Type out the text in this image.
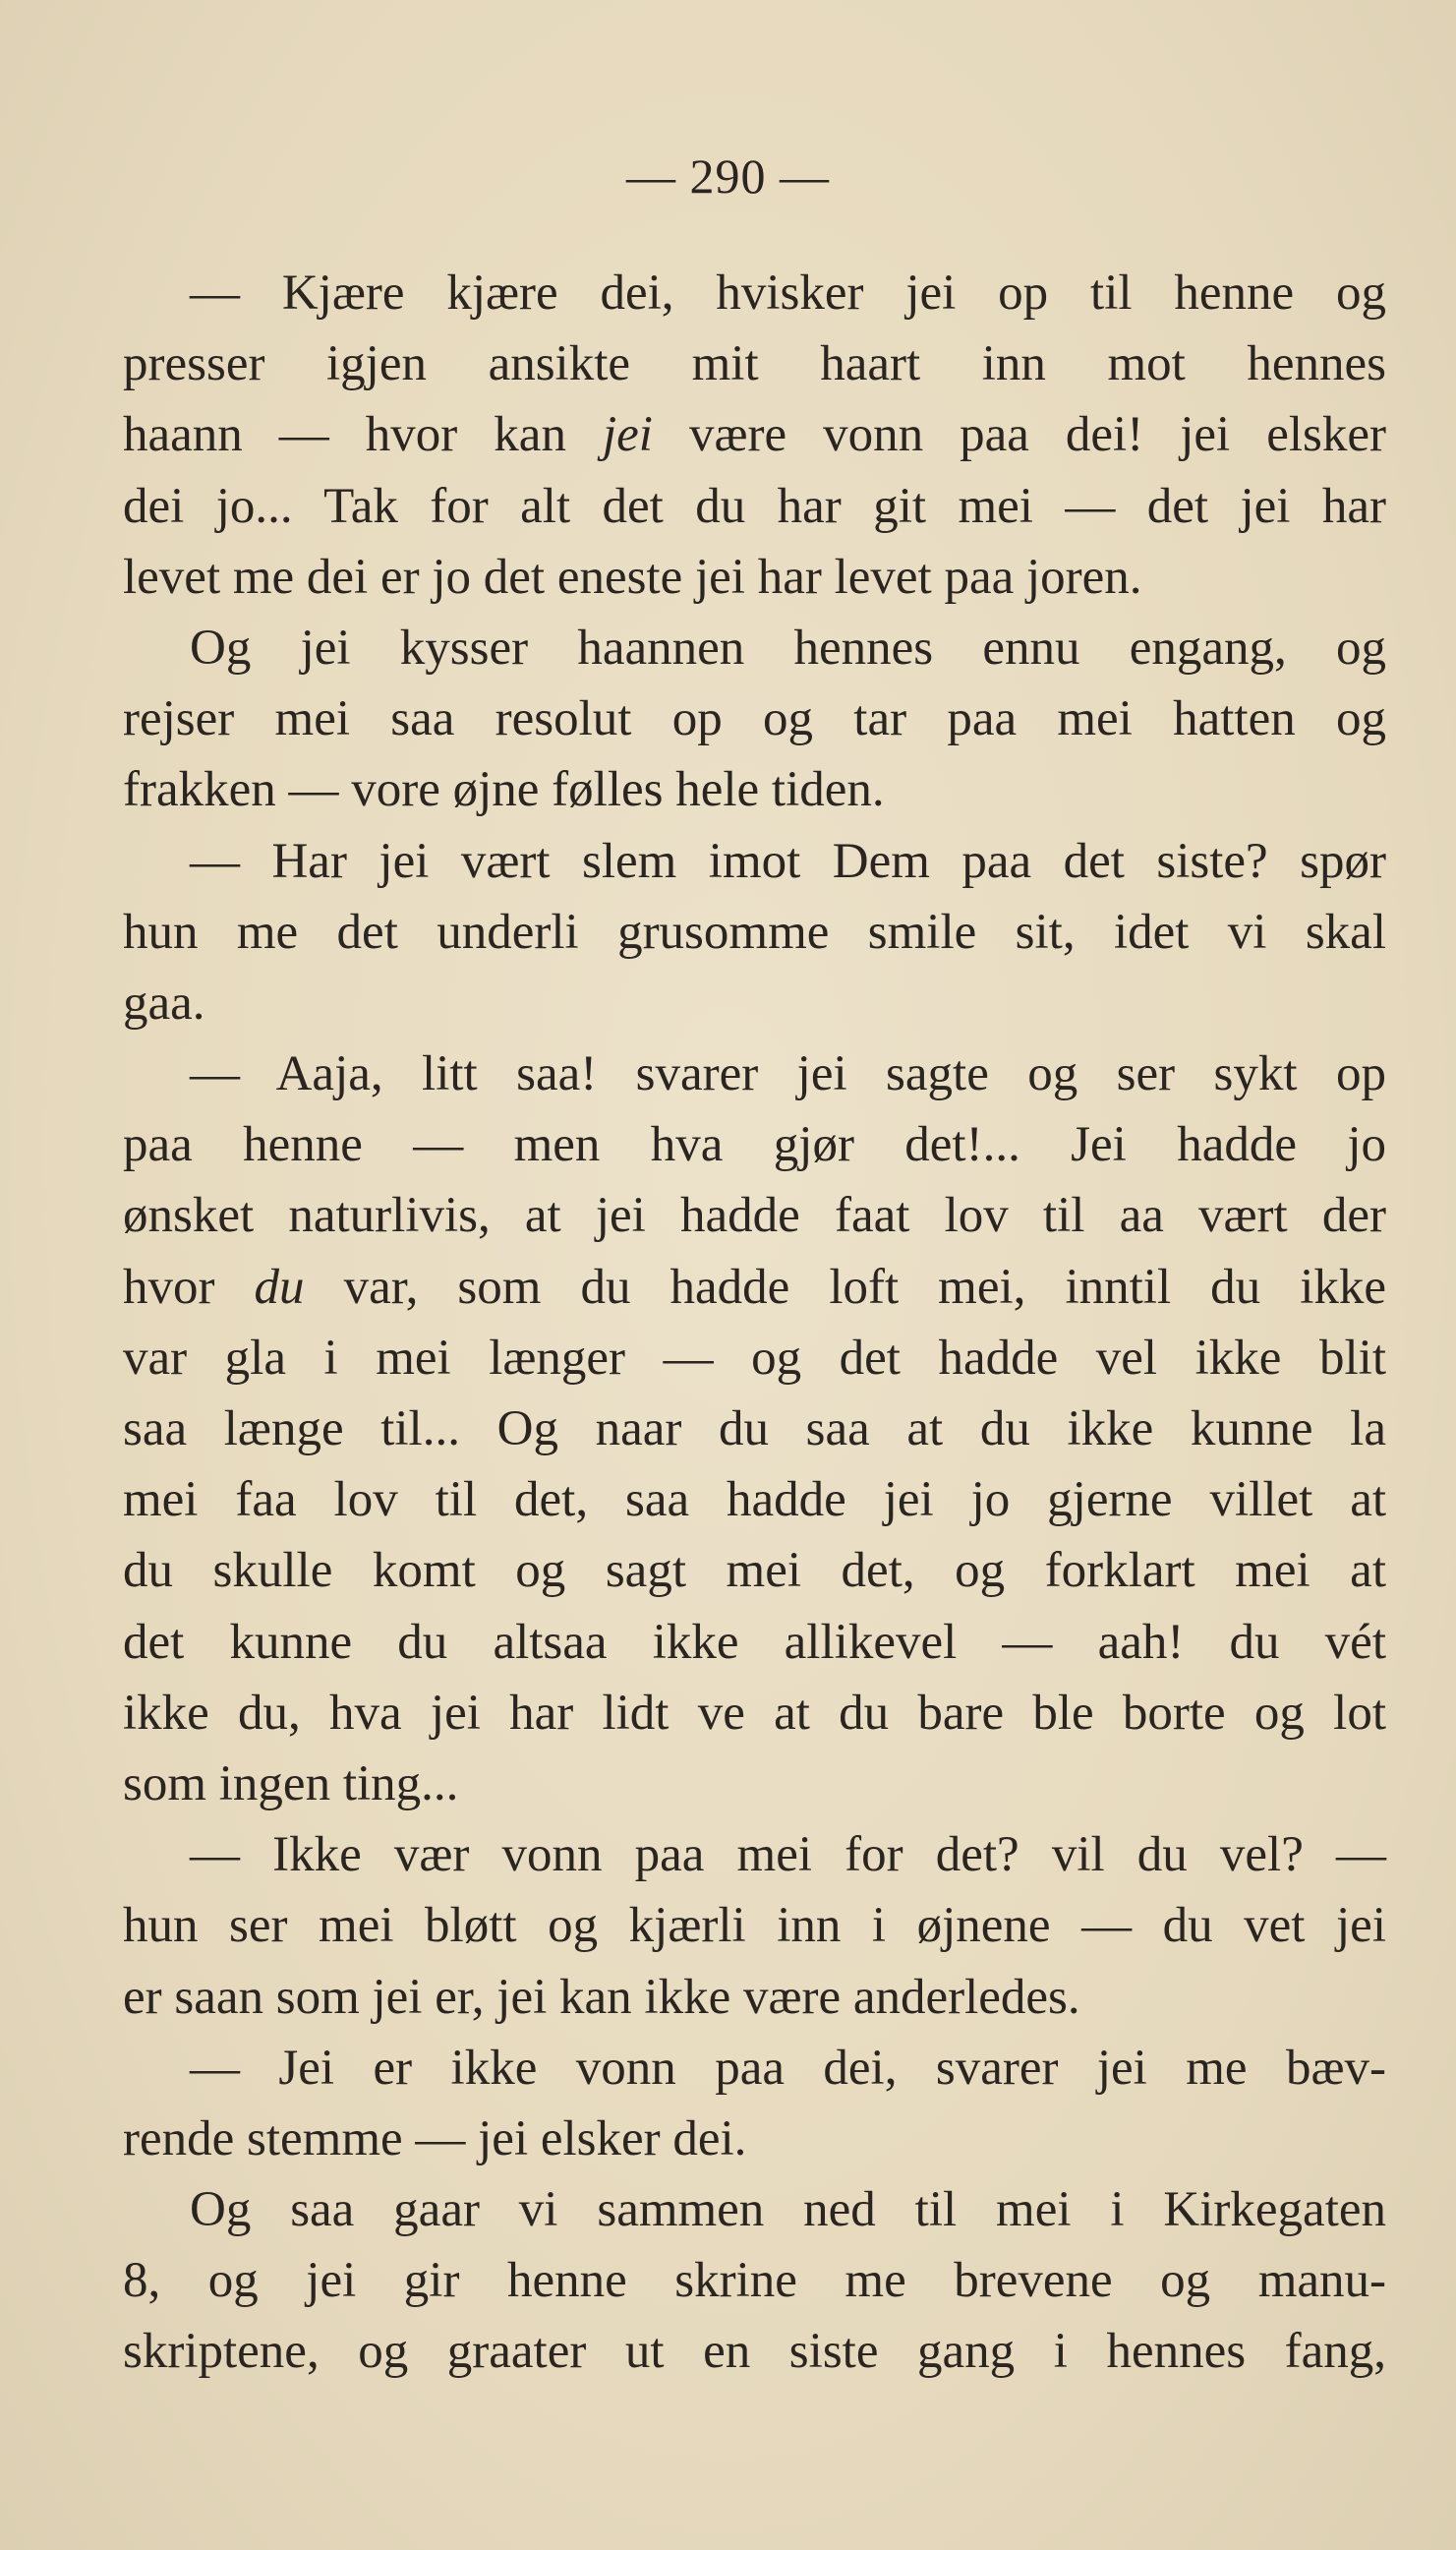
— 290 —
— Kjære kjære dei, hvisker jei op til henne og
presser igjen ansikte mit haart inn mot hennes
haann — hvor kan jei være vonn paa dei! jei elsker
dei jo... Tak for alt det du har git mei — det jei har
levet me dei er jo det eneste jei har levet paa joren.
Og jei kysser haannen hennes ennu engang, og
rejser mei saa resolut op og tar paa mei hatten og
frakken — vore øjne følles hele tiden.
— Har jei vært slem imot Dem paa det siste? spør
hun me det underli grusomme smile sit, idet vi skal
gaa.
— Aaja, litt saa! svarer jei sagte og ser sykt op
paa henne — men hva gjør det!... Jei hadde jo
ønsket naturlivis, at jei hadde faat lov til aa vært der
hvor du var, som du hadde loft mei, inntil du ikke
var gla i mei længer — og det hadde vel ikke blit
saa længe til... Og naar du saa at du ikke kunne la
mei faa lov til det, saa hadde jei jo gjerne villet at
du skulle komt og sagt mei det, og forklart mei at
det kunne du altsaa ikke allikevel — aah! du vét
ikke du, hva jei har lidt ve at du bare ble borte og lot
som ingen ting...
— Ikke vær vonn paa mei for det? vil du vel? —
hun ser mei bløtt og kjærli inn i øjnene — du vet jei
er saan som jei er, jei kan ikke være anderledes.
— Jei er ikke vonn paa dei, svarer jei me bæv-
rende stemme — jei elsker dei.
Og saa gaar vi sammen ned til mei i Kirkegaten
8, og jei gir henne skrine me brevene og manu-
skriptene, og graater ut en siste gang i hennes fang,
